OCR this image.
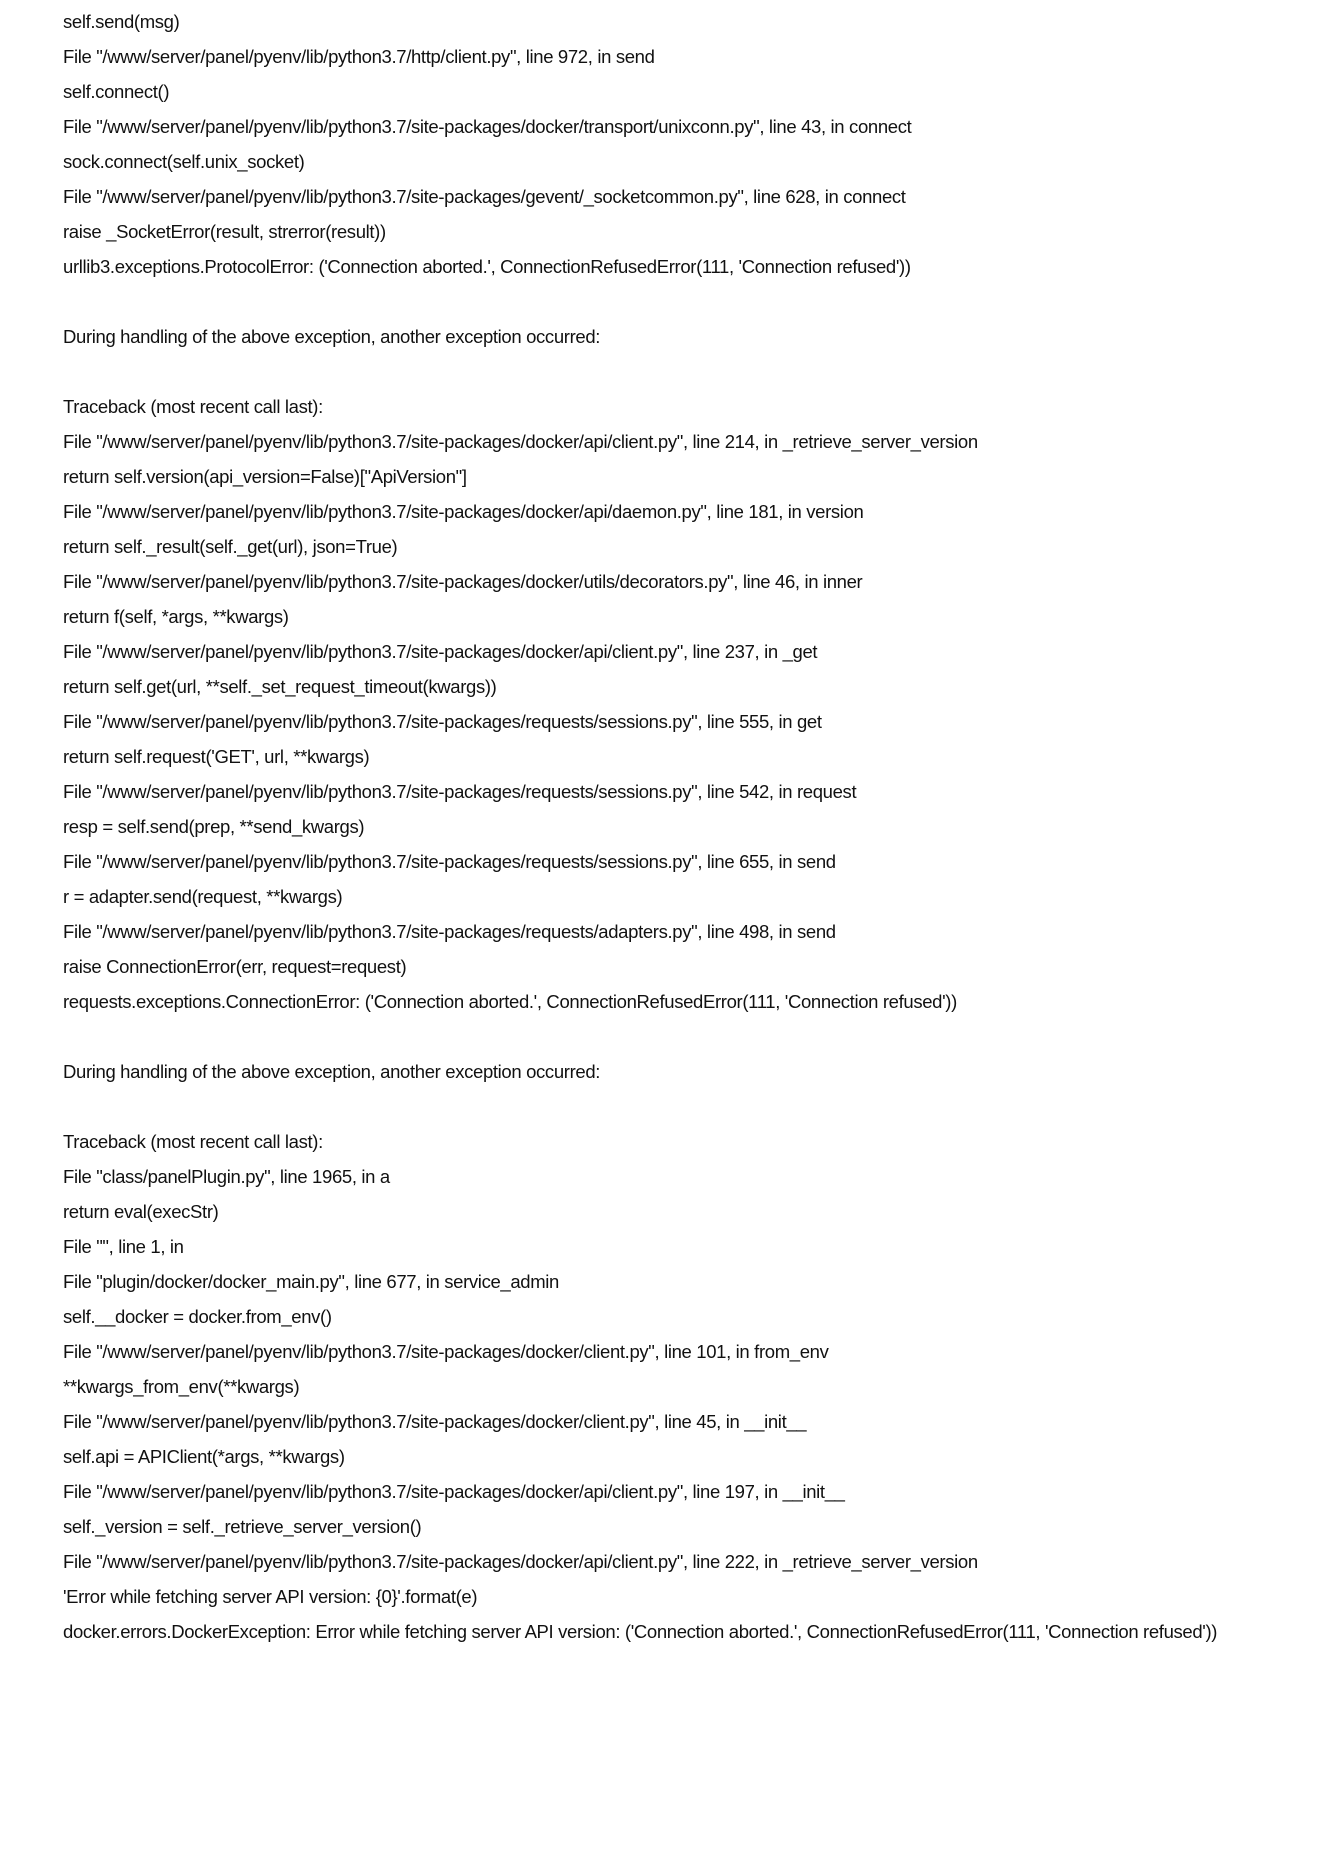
self.send(msg)
File "/www/server/panel/pyenv/lib/python3.7/http/client.py", line 972, in send
self.connect()
File "/www/server/panel/pyenv/lib/python3.7/site-packages/docker/transport/unixconn.py", line 43, in connect
sock.connect(self.unix_socket)
File "/www/server/panel/pyenv/lib/python3.7/site-packages/gevent/_socketcommon.py", line 628, in connect
raise _SocketError(result, strerror(result))
urllib3.exceptions.ProtocolError: ('Connection aborted.', ConnectionRefusedError(111, 'Connection refused'))
During handling of the above exception, another exception occurred:
Traceback (most recent call last):
File "/www/server/panel/pyenv/lib/python3.7/site-packages/docker/api/client.py", line 214, in _retrieve_server_version
return self.version(api_version=False)["ApiVersion"]
File "/www/server/panel/pyenv/lib/python3.7/site-packages/docker/api/daemon.py", line 181, in version
return self._result(self._get(url), json=True)
File "/www/server/panel/pyenv/lib/python3.7/site-packages/docker/utils/decorators.py", line 46, in inner
return f(self, *args, **kwargs)
File "/www/server/panel/pyenv/lib/python3.7/site-packages/docker/api/client.py", line 237, in _get
return self.get(url, **self._set_request_timeout(kwargs))
File "/www/server/panel/pyenv/lib/python3.7/site-packages/requests/sessions.py", line 555, in get
return self.request('GET', url, **kwargs)
File "/www/server/panel/pyenv/lib/python3.7/site-packages/requests/sessions.py", line 542, in request
resp = self.send(prep, **send_kwargs)
File "/www/server/panel/pyenv/lib/python3.7/site-packages/requests/sessions.py", line 655, in send
r = adapter.send(request, **kwargs)
File "/www/server/panel/pyenv/lib/python3.7/site-packages/requests/adapters.py", line 498, in send
raise ConnectionError(err, request=request)
requests.exceptions.ConnectionError: ('Connection aborted.', ConnectionRefusedError(111, 'Connection refused'))
During handling of the above exception, another exception occurred:
Traceback (most recent call last):
File "class/panelPlugin.py", line 1965, in a
return eval(execStr)
File "", line 1, in
File "plugin/docker/docker_main.py", line 677, in service_admin
self.__docker = docker.from_env()
File "/www/server/panel/pyenv/lib/python3.7/site-packages/docker/client.py", line 101, in from_env
**kwargs_from_env(**kwargs)
File "/www/server/panel/pyenv/lib/python3.7/site-packages/docker/client.py", line 45, in __init__
self.api = APIClient(*args, **kwargs)
File "/www/server/panel/pyenv/lib/python3.7/site-packages/docker/api/client.py", line 197, in __init__
self._version = self._retrieve_server_version()
File "/www/server/panel/pyenv/lib/python3.7/site-packages/docker/api/client.py", line 222, in _retrieve_server_version
'Error while fetching server API version: {0}'.format(e)
docker.errors.DockerException: Error while fetching server API version: ('Connection aborted.', ConnectionRefusedError(111, 'Connection refused'))
